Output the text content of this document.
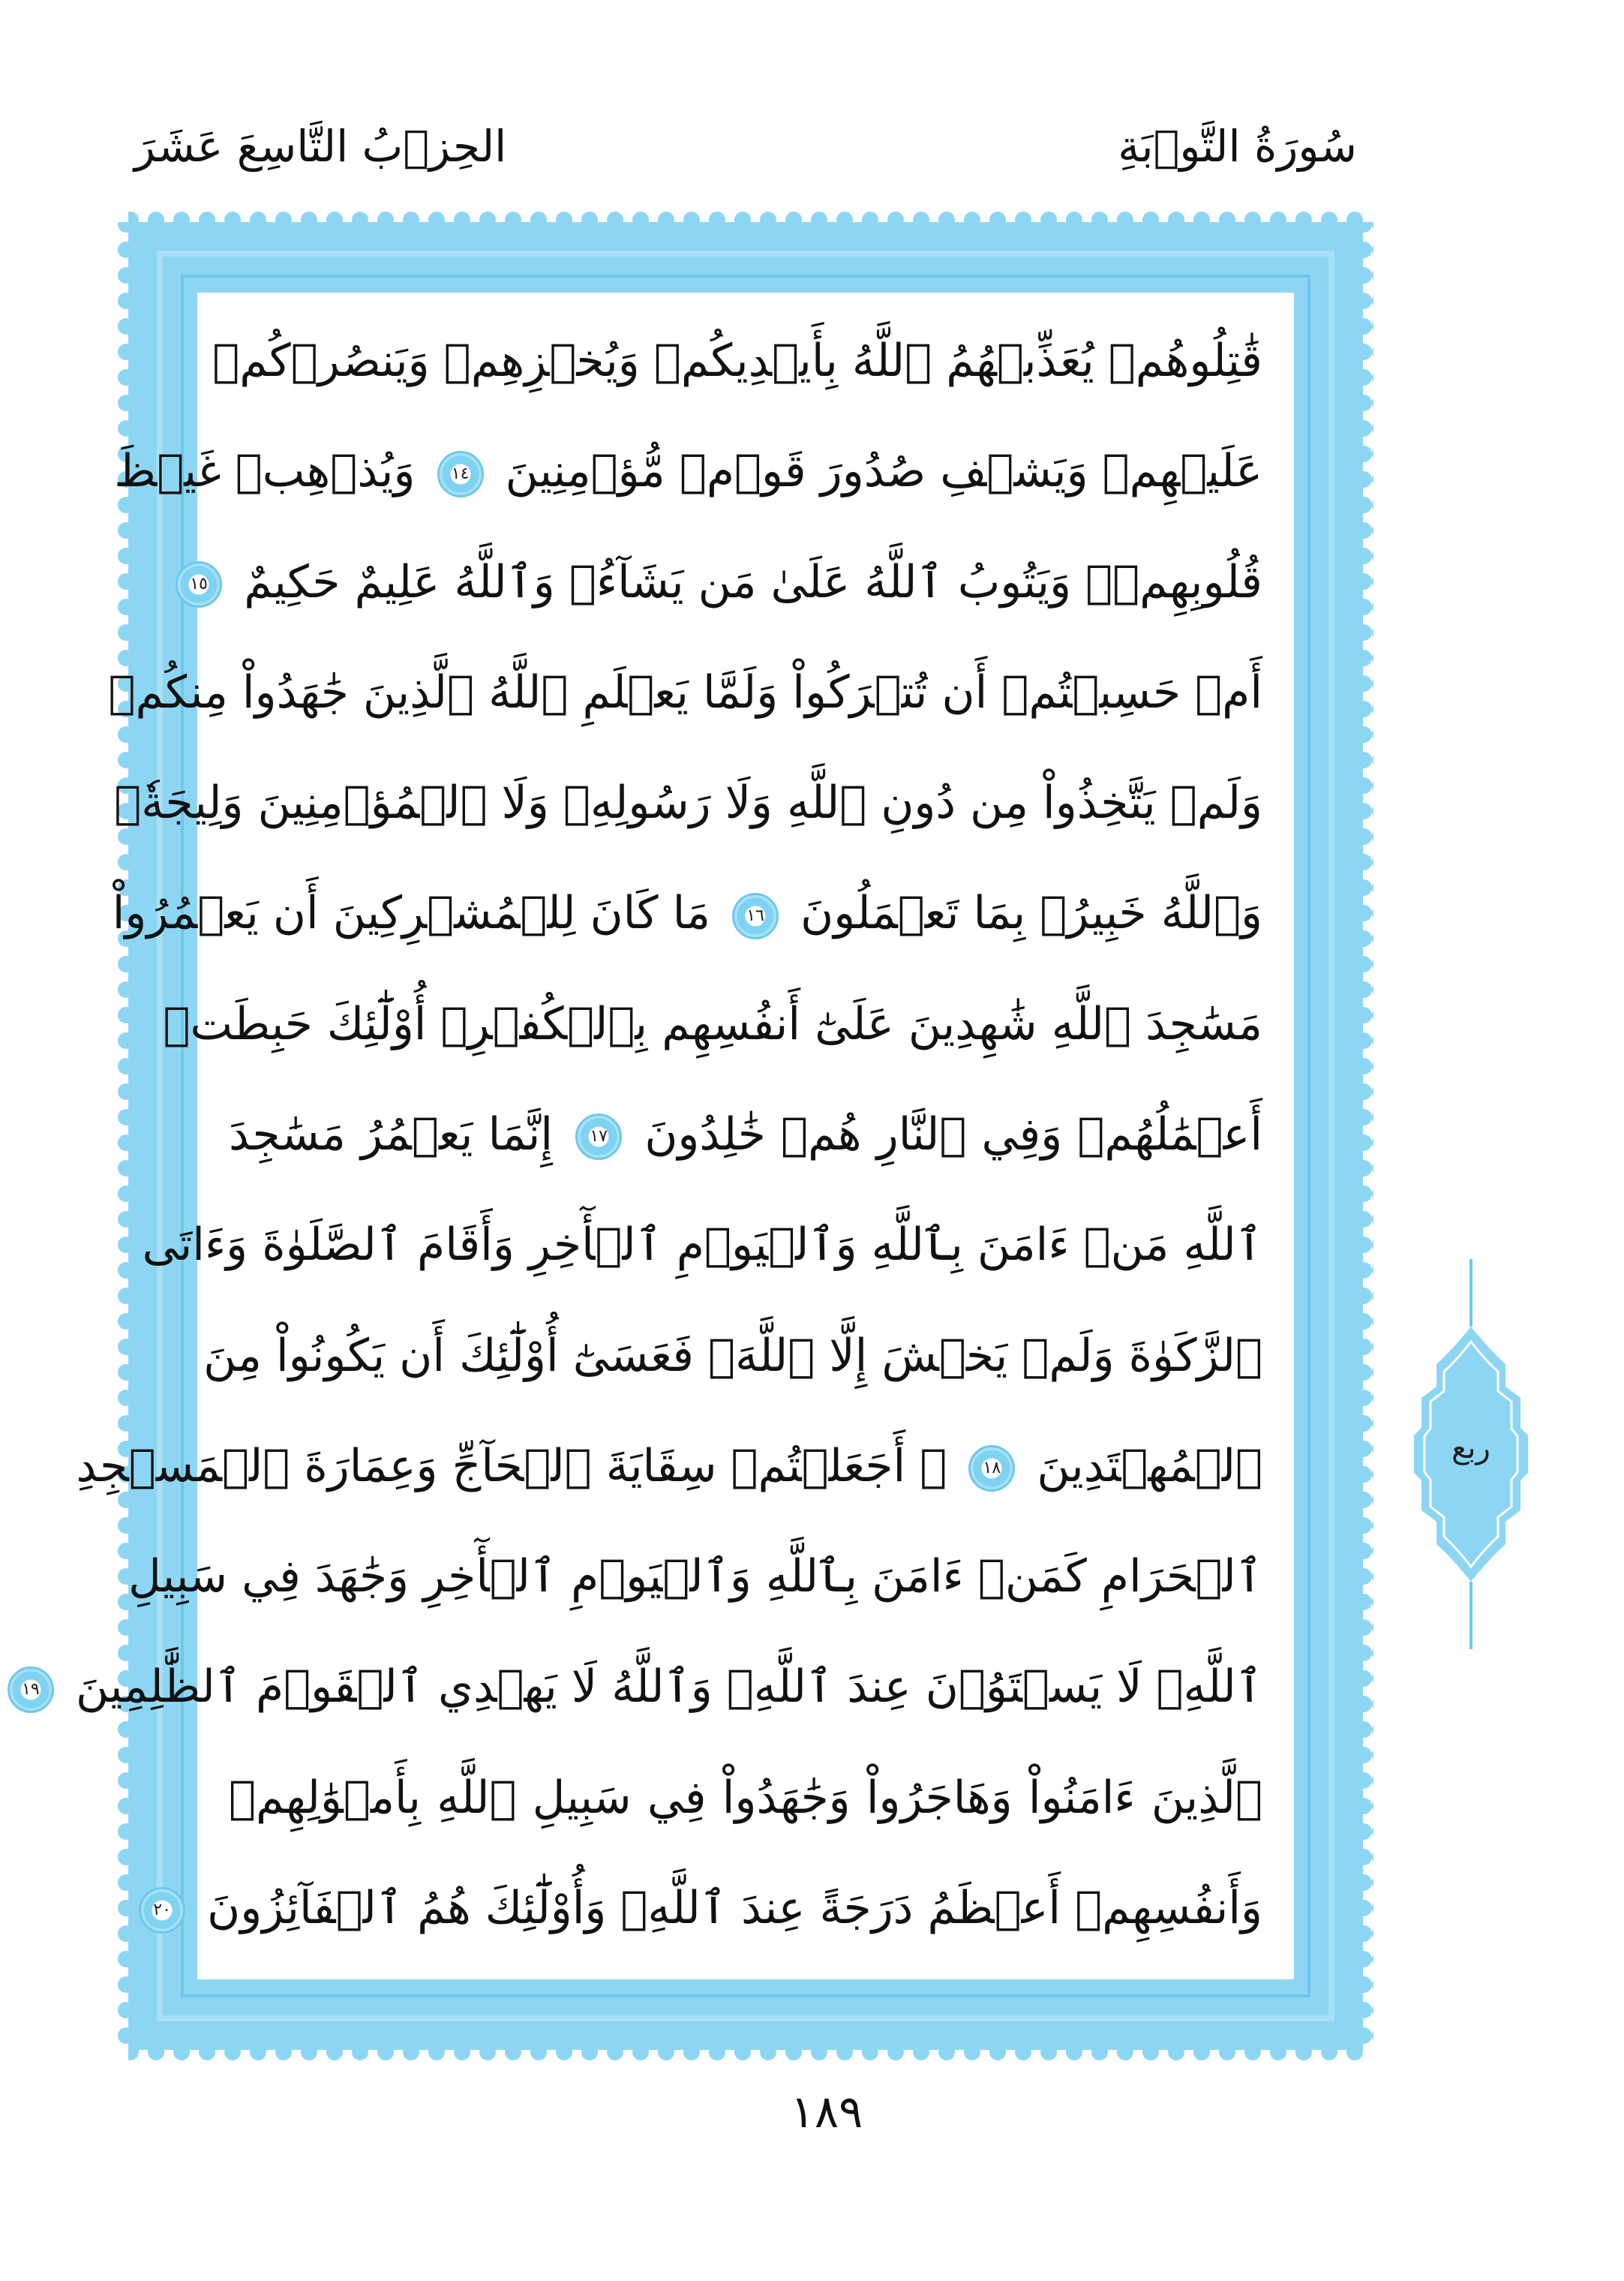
سُورَةُ التَّوۡبَةِ
الحِزۡبُ التَّاسِعَ عَشَرَ
قَٰتِلُوهُمۡ يُعَذِّبۡهُمُ ٱللَّهُ بِأَيۡدِيكُمۡ وَيُخۡزِهِمۡ وَيَنصُرۡكُمۡ
عَلَيۡهِمۡ وَيَشۡفِ صُدُورَ قَوۡمٖ مُّؤۡمِنِينَ ١٤ وَيُذۡهِبۡ غَيۡظَ
قُلُوبِهِمۡۗ وَيَتُوبُ ٱللَّهُ عَلَىٰ مَن يَشَآءُۗ وَٱللَّهُ عَلِيمٌ حَكِيمٌ ١٥
أَمۡ حَسِبۡتُمۡ أَن تُتۡرَكُواْ وَلَمَّا يَعۡلَمِ ٱللَّهُ ٱلَّذِينَ جَٰهَدُواْ مِنكُمۡ
وَلَمۡ يَتَّخِذُواْ مِن دُونِ ٱللَّهِ وَلَا رَسُولِهِۦ وَلَا ٱلۡمُؤۡمِنِينَ وَلِيجَةٗۚ
وَٱللَّهُ خَبِيرُۢ بِمَا تَعۡمَلُونَ ١٦ مَا كَانَ لِلۡمُشۡرِكِينَ أَن يَعۡمُرُواْ
مَسَٰجِدَ ٱللَّهِ شَٰهِدِينَ عَلَىٰٓ أَنفُسِهِم بِٱلۡكُفۡرِۚ أُوْلَٰٓئِكَ حَبِطَتۡ
أَعۡمَٰلُهُمۡ وَفِي ٱلنَّارِ هُمۡ خَٰلِدُونَ ١٧ إِنَّمَا يَعۡمُرُ مَسَٰجِدَ
ٱللَّهِ مَنۡ ءَامَنَ بِٱللَّهِ وَٱلۡيَوۡمِ ٱلۡأٓخِرِ وَأَقَامَ ٱلصَّلَوٰةَ وَءَاتَى
ٱلزَّكَوٰةَ وَلَمۡ يَخۡشَ إِلَّا ٱللَّهَۖ فَعَسَىٰٓ أُوْلَٰٓئِكَ أَن يَكُونُواْ مِنَ
ٱلۡمُهۡتَدِينَ ١٨ ۞ أَجَعَلۡتُمۡ سِقَايَةَ ٱلۡحَآجِّ وَعِمَارَةَ ٱلۡمَسۡجِدِ
ٱلۡحَرَامِ كَمَنۡ ءَامَنَ بِٱللَّهِ وَٱلۡيَوۡمِ ٱلۡأٓخِرِ وَجَٰهَدَ فِي سَبِيلِ
ٱللَّهِۚ لَا يَسۡتَوُۥنَ عِندَ ٱللَّهِۗ وَٱللَّهُ لَا يَهۡدِي ٱلۡقَوۡمَ ٱلظَّٰلِمِينَ ١٩
ٱلَّذِينَ ءَامَنُواْ وَهَاجَرُواْ وَجَٰهَدُواْ فِي سَبِيلِ ٱللَّهِ بِأَمۡوَٰلِهِمۡ
وَأَنفُسِهِمۡ أَعۡظَمُ دَرَجَةً عِندَ ٱللَّهِۚ وَأُوْلَٰٓئِكَ هُمُ ٱلۡفَآئِزُونَ ٢٠
ربع
١٨٩
